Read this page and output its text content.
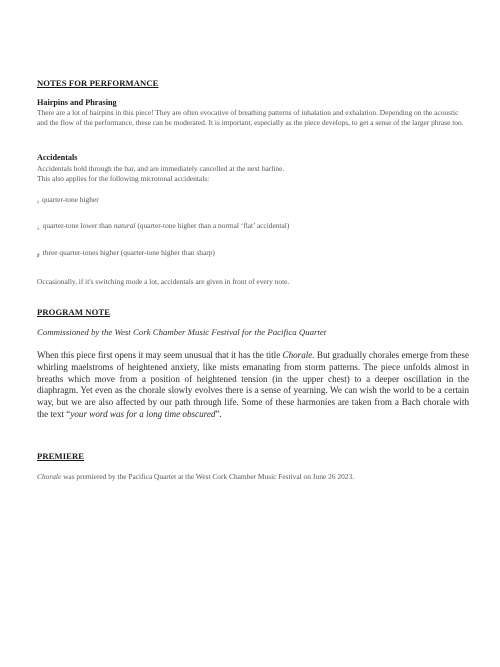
NOTES FOR PERFORMANCE
Hairpins and Phrasing

There are a lot of hairpins in this piece! They are often evocative of breathing patterns of inhalation and exhalation. Depending on the acoustic and the flow of the performance, these can be moderated. It is important, especially as the piece develops, to get a sense of the larger phrase too.

Accidentals
Accidentals hold through the bar, and are immediately cancelled at the next barline.
This also applies for the following microtonal accidentals:
♮ quarter-tone higher
♭ quarter-tone lower than natural (quarter-tone higher than a normal ‘flat’ accidental)
♯ three quarter-tones higher (quarter-tone higher than sharp)
Occasionally, if it's switching mode a lot, accidentals are given in front of every note.
PROGRAM NOTE
Commissioned by the West Cork Chamber Music Festival for the Pacifica Quartet

When this piece first opens it may seem unusual that it has the title Chorale. But gradually chorales emerge from these whirling maelstroms of heightened anxiety, like mists emanating from storm patterns. The piece unfolds almost in breaths which move from a position of heightened tension (in the upper chest) to a deeper oscillation in the diaphragm. Yet even as the chorale slowly evolves there is a sense of yearning. We can wish the world to be a certain way, but we are also affected by our path through life. Some of these harmonies are taken from a Bach chorale with the text “your word was for a long time obscured”.

PREMIERE
Chorale was premiered by the Pacifica Quartet at the West Cork Chamber Music Festival on June 26 2023.
